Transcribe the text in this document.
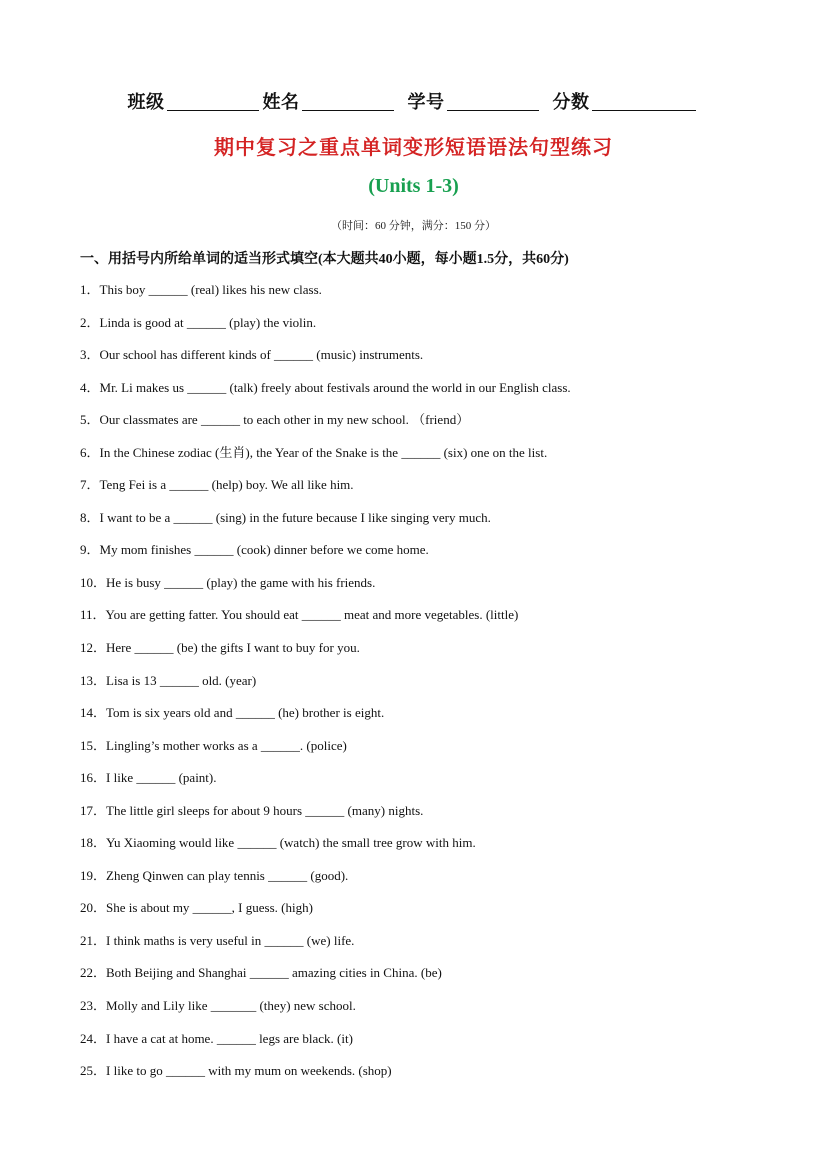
班级	姓名	学号	分数
期中复习之重点单词变形短语语法句型练习
(Units 1-3)
（时间：60 分钟，满分：150 分）
一、用括号内所给单词的适当形式填空(本大题共40小题，每小题1.5分，共60分)
1．This boy ______ (real) likes his new class.
2．Linda is good at ______ (play) the violin.
3．Our school has different kinds of ______ (music) instruments.
4．Mr. Li makes us ______ (talk) freely about festivals around the world in our English class.
5．Our classmates are ______ to each other in my new school. （friend）
6．In the Chinese zodiac (生肖), the Year of the Snake is the ______ (six) one on the list.
7．Teng Fei is a ______ (help) boy. We all like him.
8．I want to be a ______ (sing) in the future because I like singing very much.
9．My mom finishes ______ (cook) dinner before we come home.
10．He is busy ______ (play) the game with his friends.
11．You are getting fatter. You should eat ______ meat and more vegetables. (little)
12．Here ______ (be) the gifts I want to buy for you.
13．Lisa is 13 ______ old. (year)
14．Tom is six years old and ______ (he) brother is eight.
15．Lingling’s mother works as a ______. (police)
16．I like ______ (paint).
17．The little girl sleeps for about 9 hours ______ (many) nights.
18．Yu Xiaoming would like ______ (watch) the small tree grow with him.
19．Zheng Qinwen can play tennis ______ (good).
20．She is about my ______, I guess. (high)
21．I think maths is very useful in ______ (we) life.
22．Both Beijing and Shanghai ______ amazing cities in China. (be)
23．Molly and Lily like _______ (they) new school.
24．I have a cat at home. ______ legs are black. (it)
25．I like to go ______ with my mum on weekends. (shop)
